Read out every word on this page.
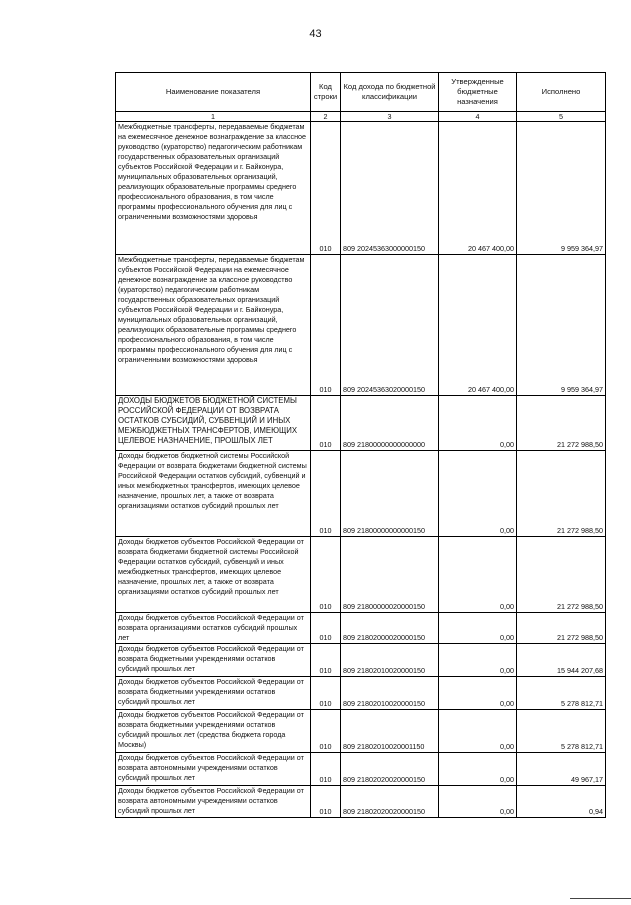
43
Наименование показателя	Код строки	Код дохода по бюджетной классификации	Утвержденные бюджетные назначения	Исполнено
1	2	3	4	5
Межбюджетные трансферты, передаваемые бюджетам на ежемесячное денежное вознаграждение за классное руководство (кураторство) педагогическим работникам государственных образовательных организаций субъектов Российской Федерации и г. Байконура, муниципальных образовательных организаций, реализующих образовательные программы среднего профессионального образования, в том числе программы профессионального обучения для лиц с ограниченными возможностями здоровья	010	809 20245363000000150	20 467 400,00	9 959 364,97
Межбюджетные трансферты, передаваемые бюджетам субъектов Российской Федерации на ежемесячное денежное вознаграждение за классное руководство (кураторство) педагогическим работникам государственных образовательных организаций субъектов Российской Федерации и г. Байконура, муниципальных образовательных организаций, реализующих образовательные программы среднего профессионального образования, в том числе программы профессионального обучения для лиц с ограниченными возможностями здоровья	010	809 20245363020000150	20 467 400,00	9 959 364,97
ДОХОДЫ БЮДЖЕТОВ БЮДЖЕТНОЙ СИСТЕМЫ РОССИЙСКОЙ ФЕДЕРАЦИИ ОТ ВОЗВРАТА ОСТАТКОВ СУБСИДИЙ, СУБВЕНЦИЙ И ИНЫХ МЕЖБЮДЖЕТНЫХ ТРАНСФЕРТОВ, ИМЕЮЩИХ ЦЕЛЕВОЕ НАЗНАЧЕНИЕ, ПРОШЛЫХ ЛЕТ	010	809 21800000000000000	0,00	21 272 988,50
Доходы бюджетов бюджетной системы Российской Федерации от возврата бюджетами бюджетной системы Российской Федерации остатков субсидий, субвенций и иных межбюджетных трансфертов, имеющих целевое назначение, прошлых лет, а также от возврата организациями остатков субсидий прошлых лет	010	809 21800000000000150	0,00	21 272 988,50
Доходы бюджетов субъектов Российской Федерации от возврата бюджетами бюджетной системы Российской Федерации остатков субсидий, субвенций и иных межбюджетных трансфертов, имеющих целевое назначение, прошлых лет, а также от возврата организациями остатков субсидий прошлых лет	010	809 21800000020000150	0,00	21 272 988,50
Доходы бюджетов субъектов Российской Федерации от возврата организациями остатков субсидий прошлых лет	010	809 21802000020000150	0,00	21 272 988,50
Доходы бюджетов субъектов Российской Федерации от возврата бюджетными учреждениями остатков субсидий прошлых лет	010	809 21802010020000150	0,00	15 944 207,68
Доходы бюджетов субъектов Российской Федерации от возврата бюджетными учреждениями остатков субсидий прошлых лет	010	809 21802010020000150	0,00	5 278 812,71
Доходы бюджетов субъектов Российской Федерации от возврата бюджетными учреждениями остатков субсидий прошлых лет (средства бюджета города Москвы)	010	809 21802010020001150	0,00	5 278 812,71
Доходы бюджетов субъектов Российской Федерации от возврата автономными учреждениями остатков субсидий прошлых лет	010	809 21802020020000150	0,00	49 967,17
Доходы бюджетов субъектов Российской Федерации от возврата автономными учреждениями остатков субсидий прошлых лет	010	809 21802020020000150	0,00	0,94
